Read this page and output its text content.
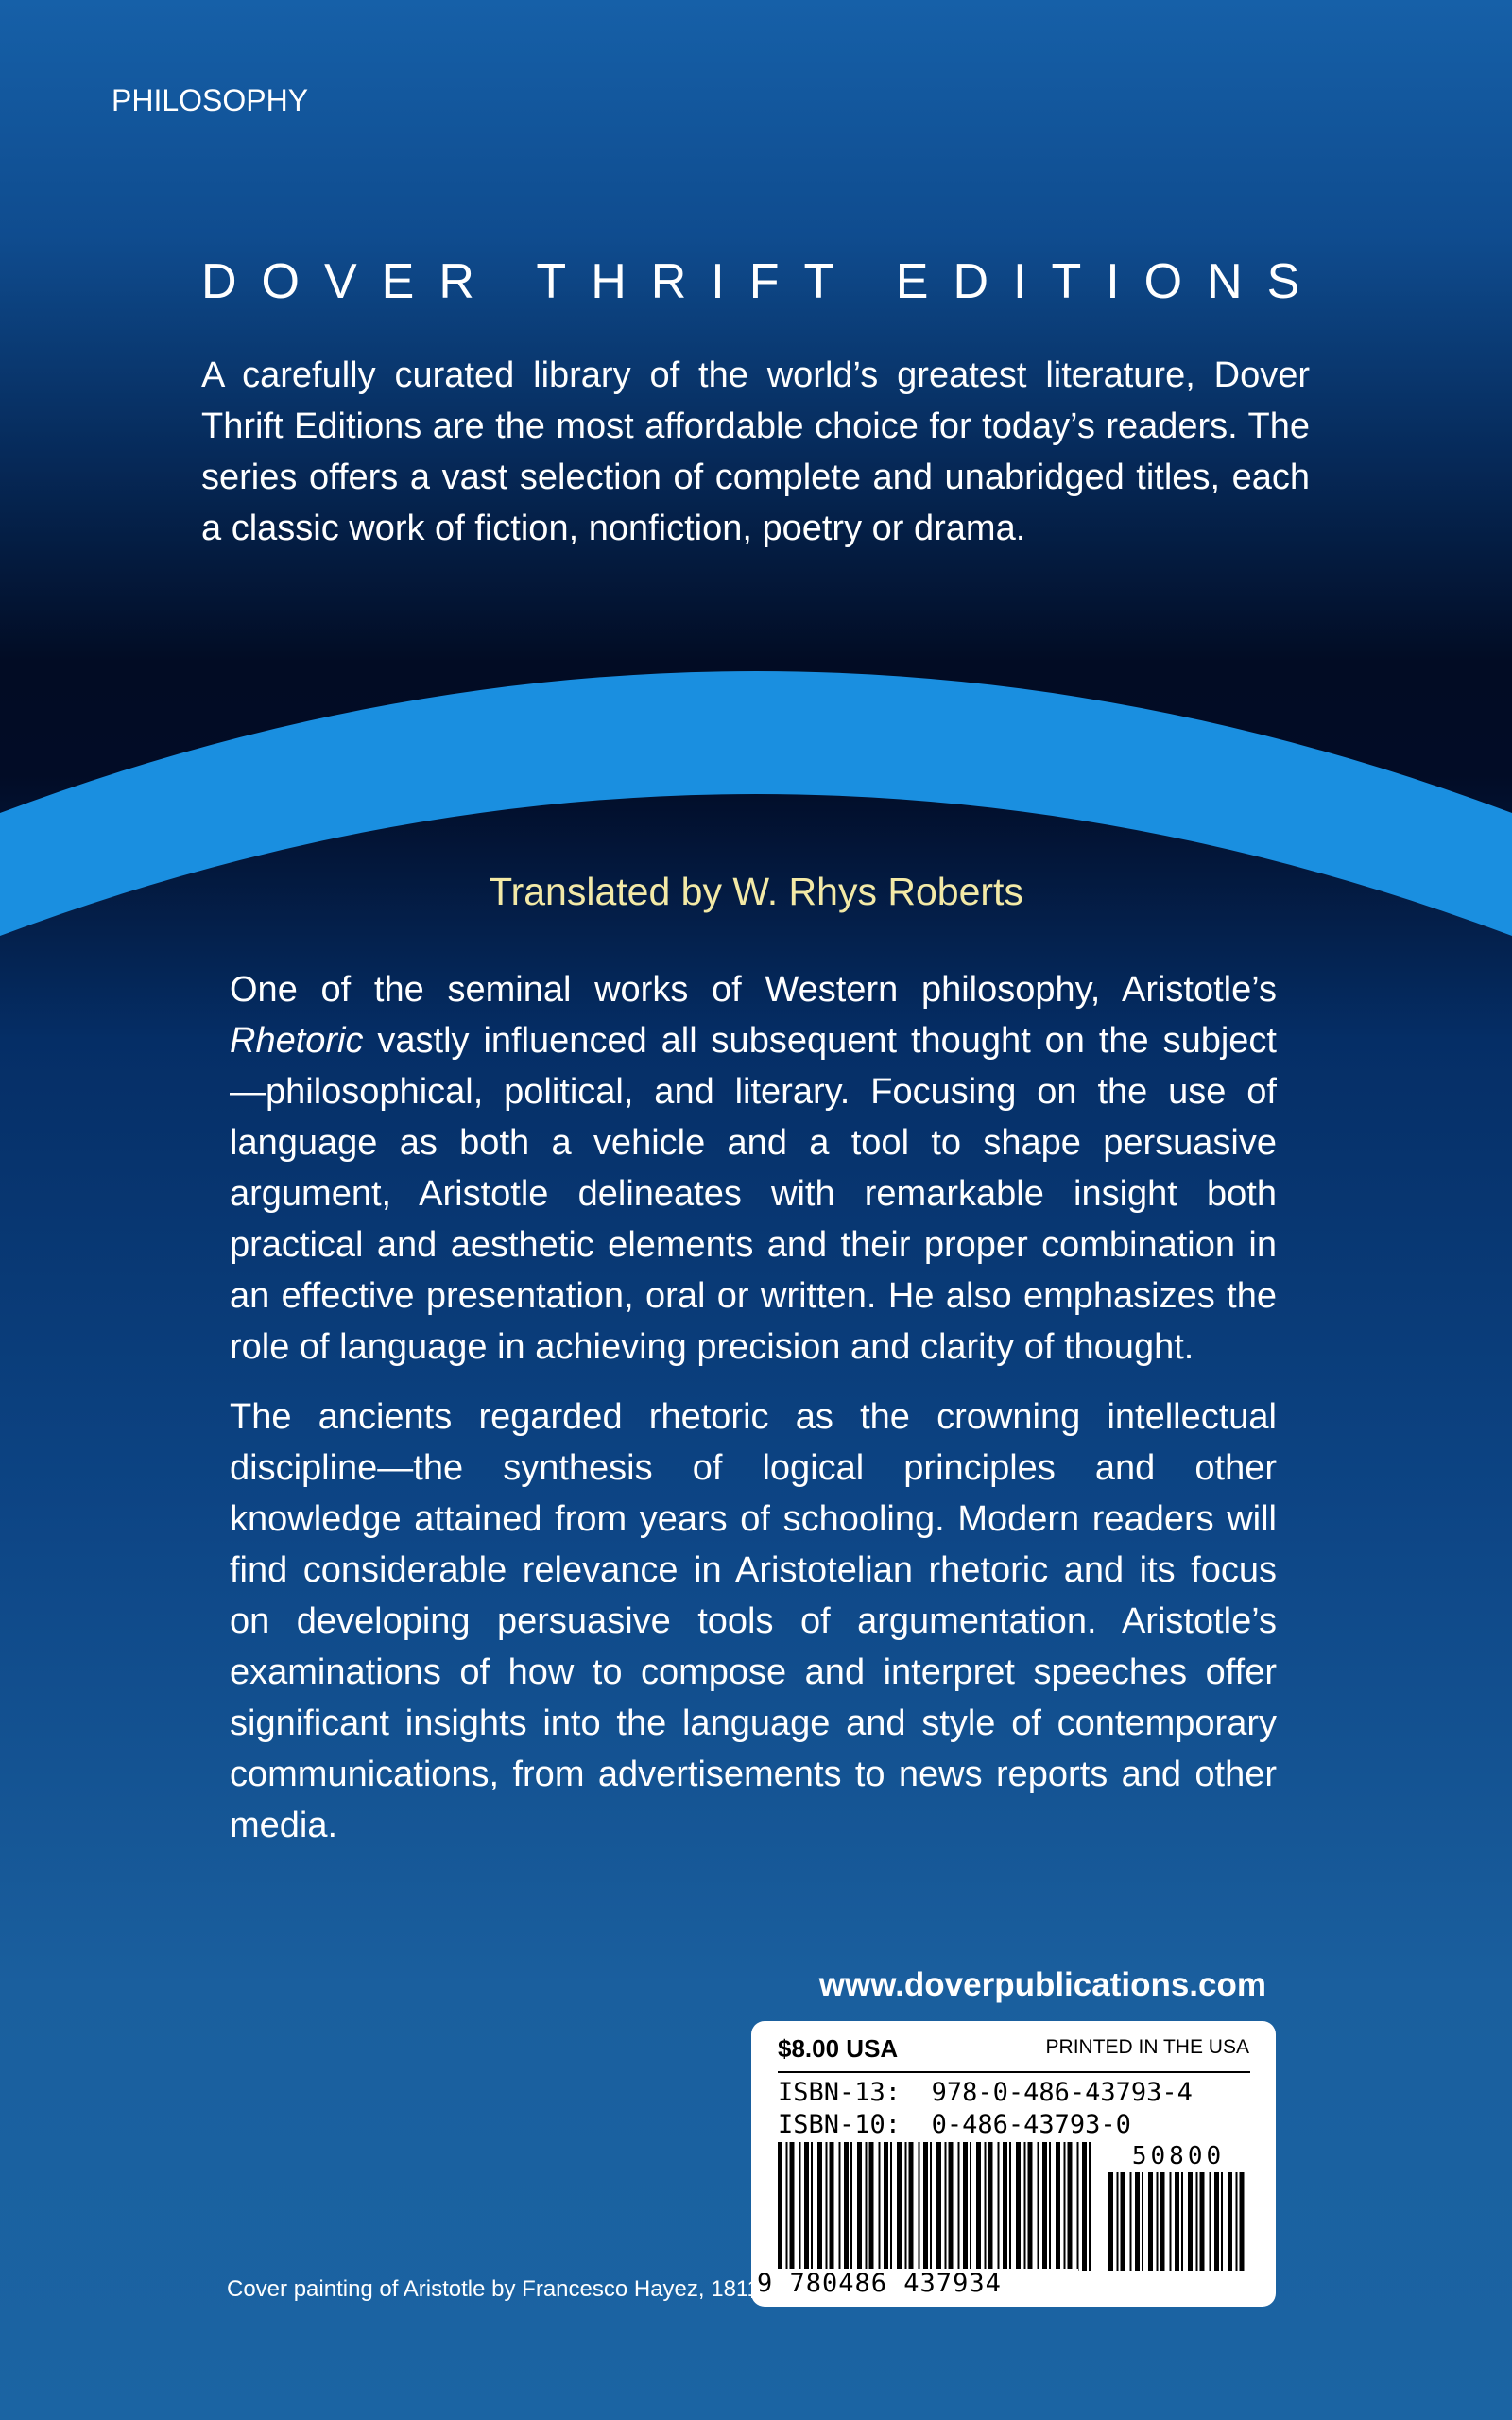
PHILOSOPHY
DOVER THRIFT EDITIONS

A carefully curated library of the world’s greatest literature, Dover Thrift Editions are the most affordable choice for today’s readers. The series offers a vast selection of complete and unabridged titles, each a classic work of fiction, nonfiction, poetry or drama.

Translated by W. Rhys Roberts

One of the seminal works of Western philosophy, Aristotle’s Rhetoric vastly influenced all subsequent thought on the subject—philosophical, political, and literary. Focusing on the use of language as both a vehicle and a tool to shape persuasive argument, Aristotle delineates with remarkable insight both practical and aesthetic elements and their proper combination in an effective presentation, oral or written. He also emphasizes the role of language in achieving precision and clarity of thought.

The ancients regarded rhetoric as the crowning intellectual discipline—the synthesis of logical principles and other knowledge attained from years of schooling. Modern readers will find considerable relevance in Aristotelian rhetoric and its focus on developing persuasive tools of argumentation. Aristotle’s examinations of how to compose and interpret speeches offer significant insights into the language and style of contemporary communications, from advertisements to news reports and other media.

www.doverpublications.com
$8.00 USA	PRINTED IN THE USA
ISBN-13: 978-0-486-43793-4
ISBN-10: 0-486-43793-0
50800
9 780486 437934
Cover painting of Aristotle by Francesco Hayez, 1811
